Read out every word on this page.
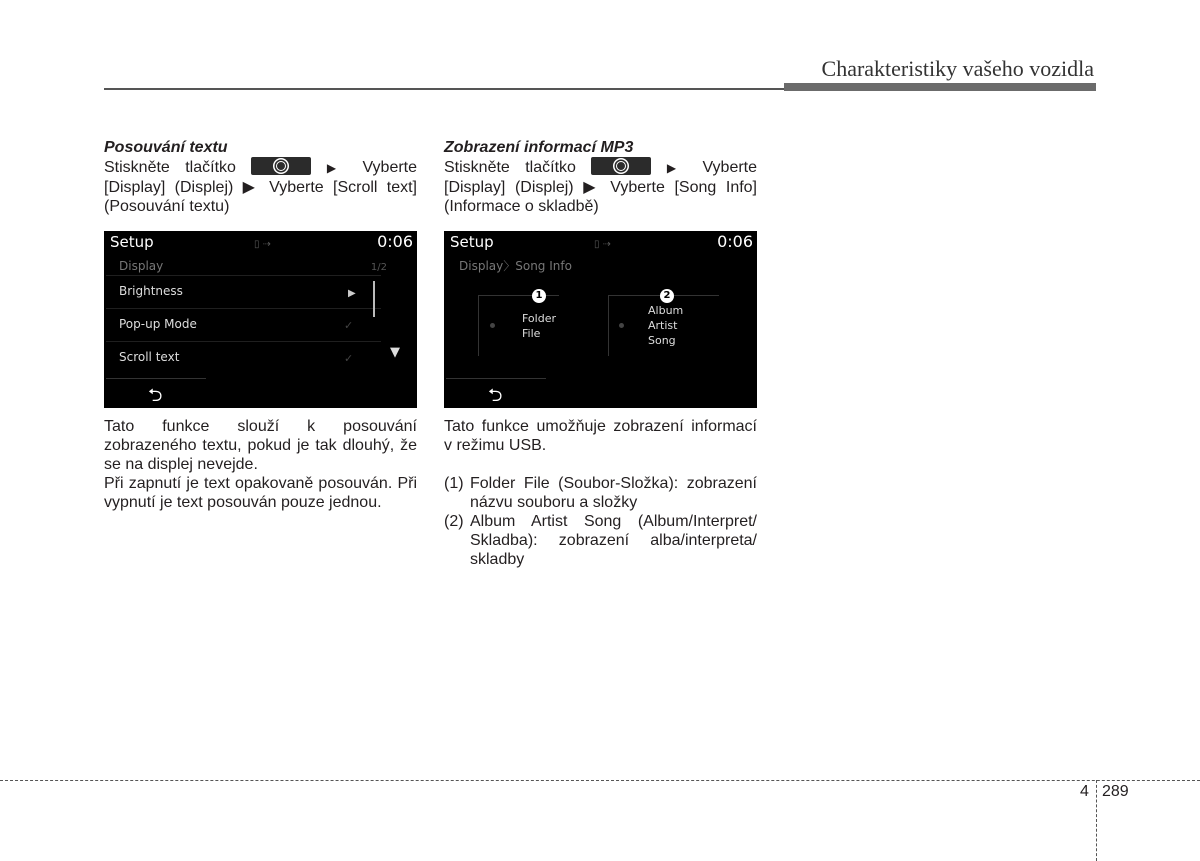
Charakteristiky vašeho vozidla

Posouvání textu

Stiskněte tlačítko	▶ Vyberte

[Display] (Displej) ▶ Vyberte [Scroll text]

(Posouvání textu)

Setup	▯ ⇢	0:06
Display	1/2
Brightness	▶
Pop-up Mode	✓
Scroll text	✓	▼
⮌

Tato funkce slouží k posouvání zobrazeného textu, pokud je tak dlouhý, že se na displej nevejde.

Při zapnutí je text opakovaně posouván. Při vypnutí je text posouván pouze jednou.

Zobrazení informací MP3

Stiskněte tlačítko	▶ Vyberte

[Display] (Displej) ▶ Vyberte [Song Info]

(Informace o skladbě)

Setup	▯ ⇢	0:06
Display〉Song Info
1
Folder
File
2
Album
Artist
Song
⮌

Tato funkce umožňuje zobrazení informací v režimu USB.

(1) Folder File (Soubor-Složka): zobrazení názvu souboru a složky
(2) Album Artist Song (Album/Interpret/ Skladba): zobrazení alba/interpreta/ skladby
4 289
